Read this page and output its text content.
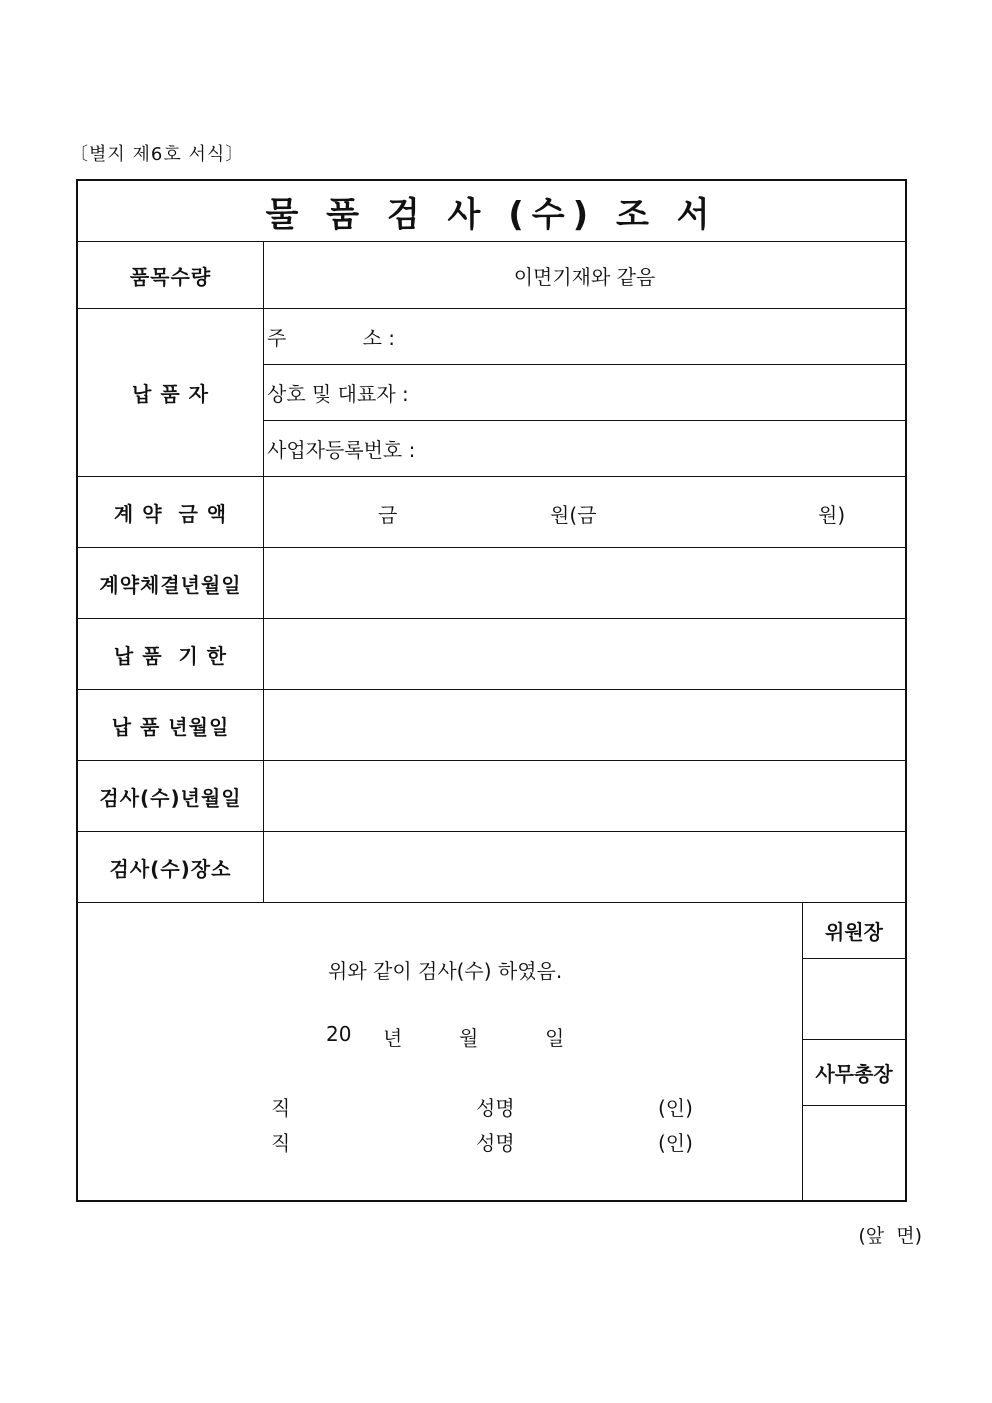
〔별지 제6호 서식〕
물 품 검 사 (수) 조 서
품목수량	이면기재와 같음
납 품 자
주            소 :
상호 및 대표자 :
사업자등록번호 :
계 약  금 액	금	원(금	원)
계약체결년월일
납 품  기 한
납 품 년월일
검사(수)년월일
검사(수)장소
위와 같이 검사(수) 하였음.
20 년	월	일
직	성명	(인)
직	성명	(인)
위원장
사무총장
(앞  면)
